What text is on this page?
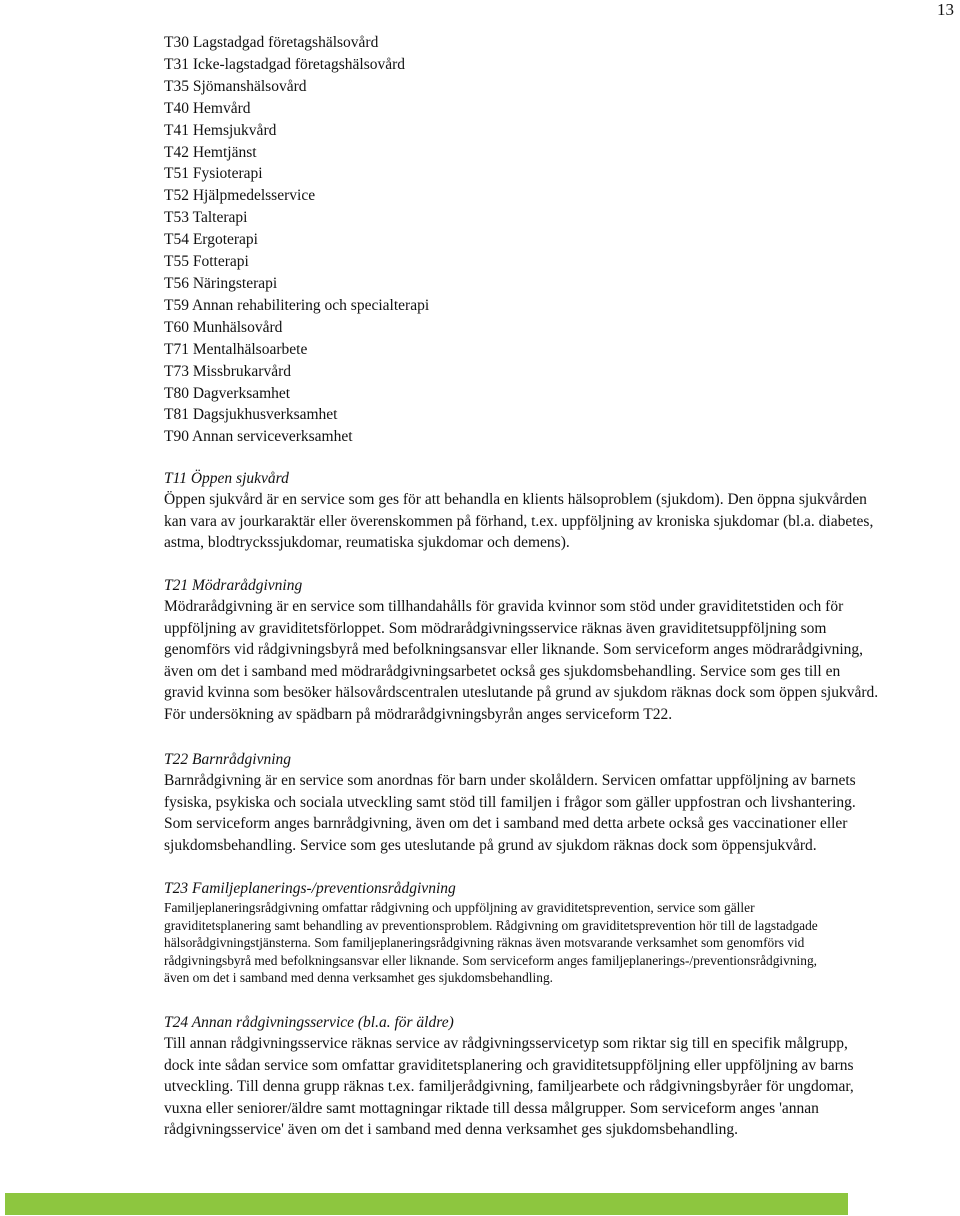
13
T30 Lagstadgad företagshälsovård
T31 Icke-lagstadgad företagshälsovård
T35 Sjömanshälsovård
T40 Hemvård
T41 Hemsjukvård
T42 Hemtjänst
T51 Fysioterapi
T52 Hjälpmedelsservice
T53 Talterapi
T54 Ergoterapi
T55 Fotterapi
T56 Näringsterapi
T59 Annan rehabilitering och specialterapi
T60 Munhälsovård
T71 Mentalhälsoarbete
T73 Missbrukarvård
T80 Dagverksamhet
T81 Dagsjukhusverksamhet
T90 Annan serviceverksamhet
T11 Öppen sjukvård

Öppen sjukvård är en service som ges för att behandla en klients hälsoproblem (sjukdom). Den öppna sjukvården
kan vara av jourkaraktär eller överenskommen på förhand, t.ex. uppföljning av kroniska sjukdomar (bl.a. diabetes,
astma, blodtryckssjukdomar, reumatiska sjukdomar och demens).

T21 Mödrarådgivning

Mödrarådgivning är en service som tillhandahålls för gravida kvinnor som stöd under graviditetstiden och för
uppföljning av graviditetsförloppet. Som mödrarådgivningsservice räknas även graviditetsuppföljning som
genomförs vid rådgivningsbyrå med befolkningsansvar eller liknande. Som serviceform anges mödrarådgivning,
även om det i samband med mödrarådgivningsarbetet också ges sjukdomsbehandling. Service som ges till en
gravid kvinna som besöker hälsovårdscentralen uteslutande på grund av sjukdom räknas dock som öppen sjukvård.
För undersökning av spädbarn på mödrarådgivningsbyrån anges serviceform T22.

T22 Barnrådgivning

Barnrådgivning är en service som anordnas för barn under skolåldern. Servicen omfattar uppföljning av barnets
fysiska, psykiska och sociala utveckling samt stöd till familjen i frågor som gäller uppfostran och livshantering.
Som serviceform anges barnrådgivning, även om det i samband med detta arbete också ges vaccinationer eller
sjukdomsbehandling. Service som ges uteslutande på grund av sjukdom räknas dock som öppensjukvård.

T23 Familjeplanerings-/preventionsrådgivning

Familjeplaneringsrådgivning omfattar rådgivning och uppföljning av graviditetsprevention, service som gäller
graviditetsplanering samt behandling av preventionsproblem. Rådgivning om graviditetsprevention hör till de lagstadgade
hälsorådgivningstjänsterna. Som familjeplaneringsrådgivning räknas även motsvarande verksamhet som genomförs vid
rådgivningsbyrå med befolkningsansvar eller liknande. Som serviceform anges familjeplanerings-/preventionsrådgivning,
även om det i samband med denna verksamhet ges sjukdomsbehandling.

T24 Annan rådgivningsservice (bl.a. för äldre)

Till annan rådgivningsservice räknas service av rådgivningsservicetyp som riktar sig till en specifik målgrupp,
dock inte sådan service som omfattar graviditetsplanering och graviditetsuppföljning eller uppföljning av barns
utveckling. Till denna grupp räknas t.ex. familjerådgivning, familjearbete och rådgivningsbyråer för ungdomar,
vuxna eller seniorer/äldre samt mottagningar riktade till dessa målgrupper. Som serviceform anges 'annan
rådgivningsservice' även om det i samband med denna verksamhet ges sjukdomsbehandling.
